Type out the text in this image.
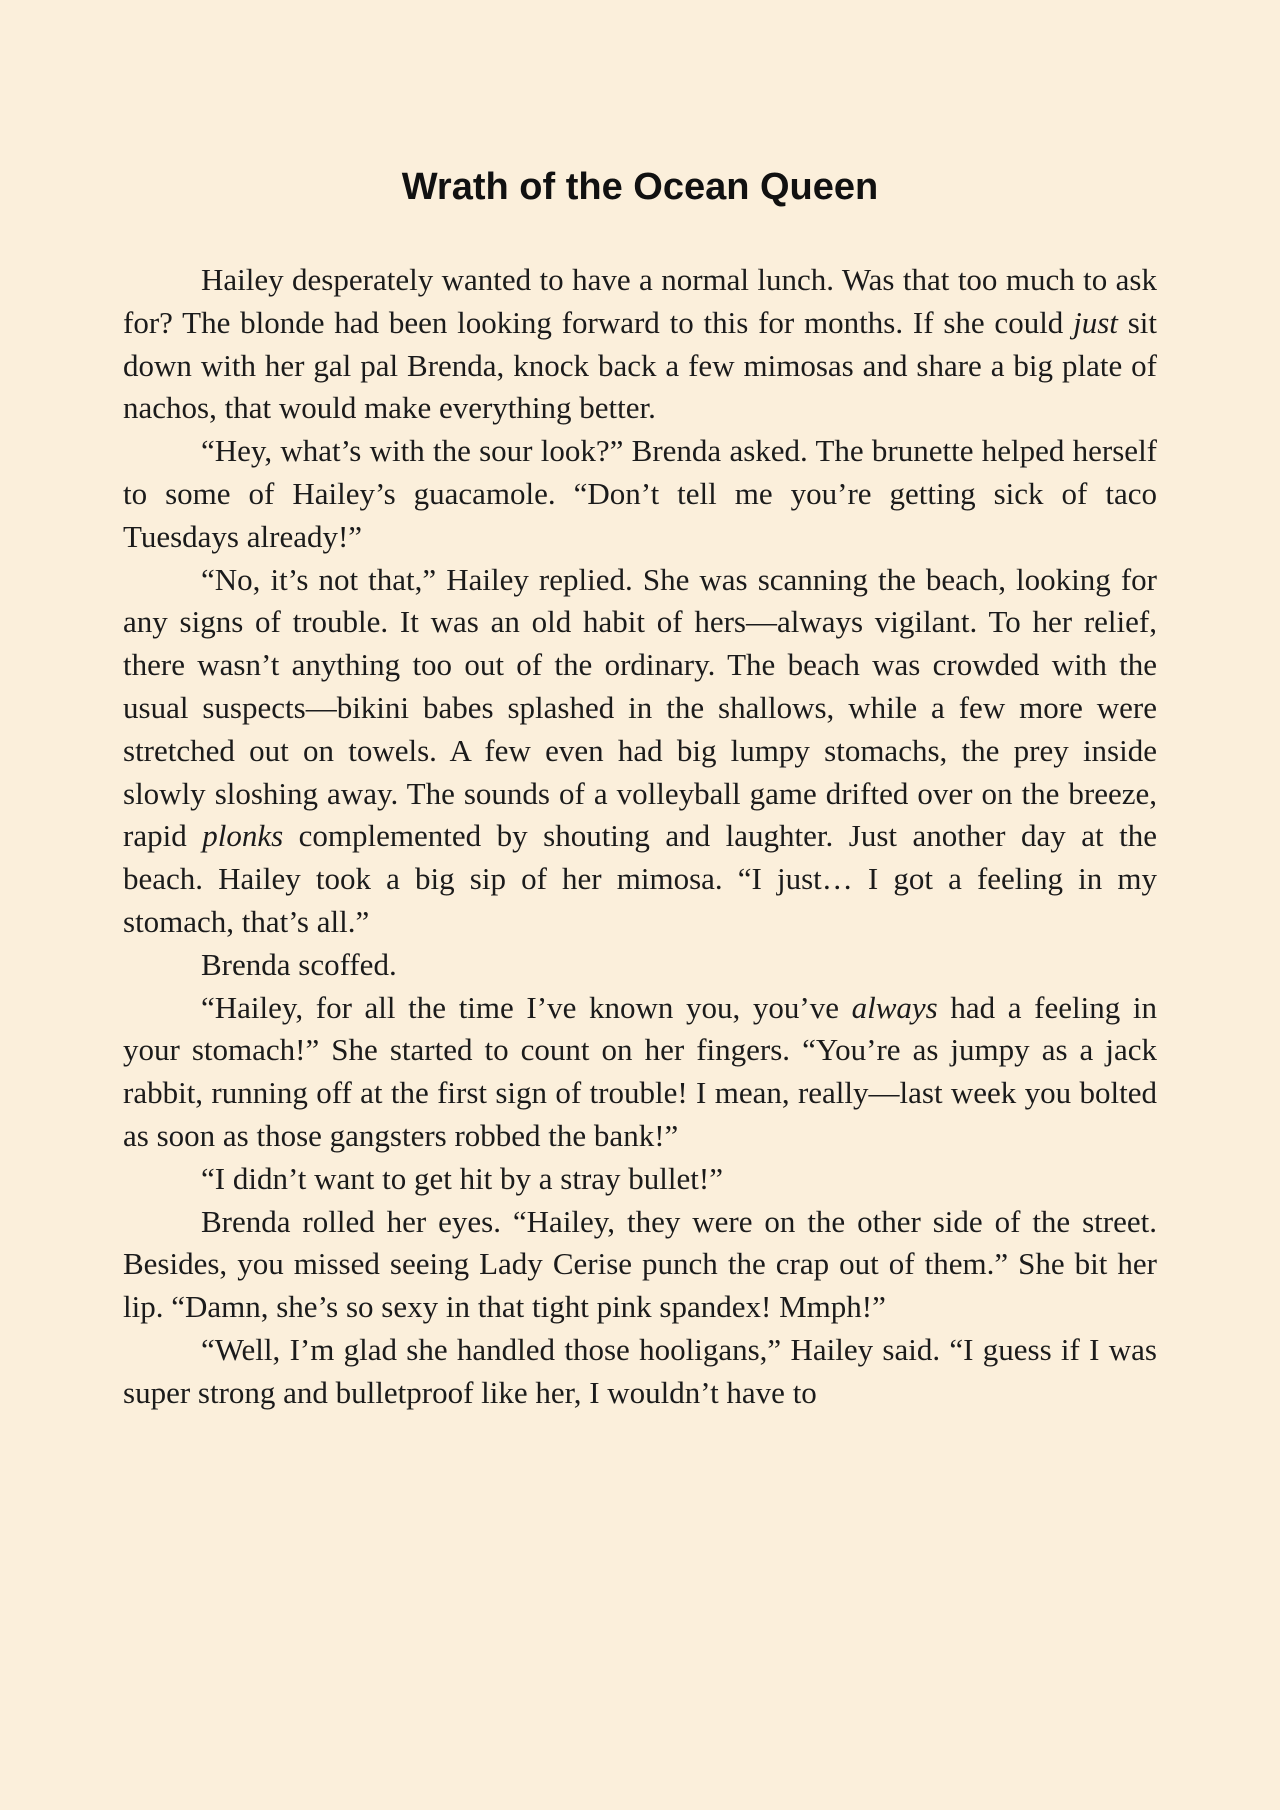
Wrath of the Ocean Queen

Hailey desperately wanted to have a normal lunch. Was that too much to ask for? The blonde had been looking forward to this for months. If she could just sit down with her gal pal Brenda, knock back a few mimosas and share a big plate of nachos, that would make everything better.

“Hey, what’s with the sour look?” Brenda asked. The brunette helped herself to some of Hailey’s guacamole. “Don’t tell me you’re getting sick of taco Tuesdays already!”

“No, it’s not that,” Hailey replied. She was scanning the beach, looking for any signs of trouble. It was an old habit of hers—always vigilant. To her relief, there wasn’t anything too out of the ordinary. The beach was crowded with the usual suspects—bikini babes splashed in the shallows, while a few more were stretched out on towels. A few even had big lumpy stomachs, the prey inside slowly sloshing away. The sounds of a volleyball game drifted over on the breeze, rapid plonks complemented by shouting and laughter. Just another day at the beach. Hailey took a big sip of her mimosa. “I just… I got a feeling in my stomach, that’s all.”

Brenda scoffed.

“Hailey, for all the time I’ve known you, you’ve always had a feeling in your stomach!” She started to count on her fingers. “You’re as jumpy as a jack rabbit, running off at the first sign of trouble! I mean, really—last week you bolted as soon as those gangsters robbed the bank!”

“I didn’t want to get hit by a stray bullet!”

Brenda rolled her eyes. “Hailey, they were on the other side of the street. Besides, you missed seeing Lady Cerise punch the crap out of them.” She bit her lip. “Damn, she’s so sexy in that tight pink spandex! Mmph!”

“Well, I’m glad she handled those hooligans,” Hailey said. “I guess if I was super strong and bulletproof like her, I wouldn’t have to
